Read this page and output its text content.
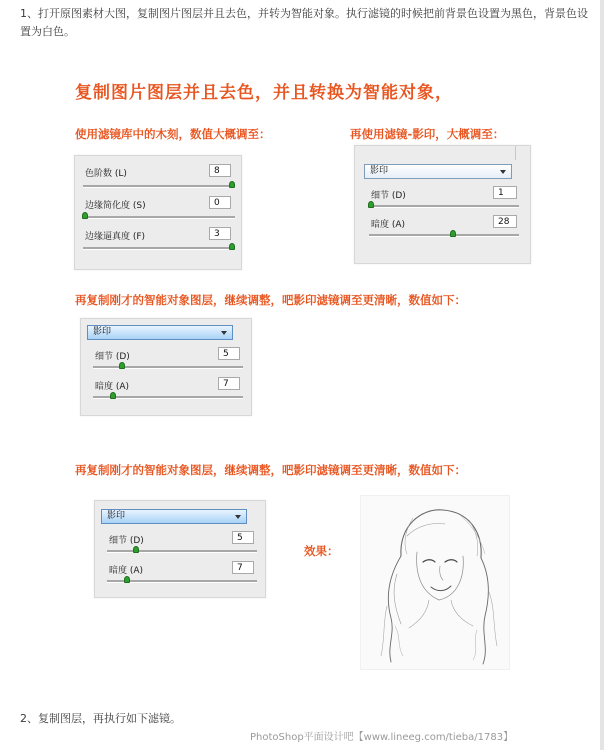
1、打开原图素材大图，复制图片图层并且去色，并转为智能对象。执行滤镜的时候把前背景色设置为黑色，背景色设置为白色。
复制图片图层并且去色，并且转换为智能对象，
使用滤镜库中的木刻，数值大概调至：
色阶数 (L)	8
边缘简化度 (S)	0
边缘逼真度 (F)	3
再使用滤镜-影印，大概调至：
影印
细节 (D)	1
暗度 (A)	28
再复制刚才的智能对象图层，继续调整，吧影印滤镜调至更清晰，数值如下：
影印
细节 (D)	5
暗度 (A)	7
再复制刚才的智能对象图层，继续调整，吧影印滤镜调至更清晰，数值如下：
影印
细节 (D)	5
暗度 (A)	7
效果：
2、复制图层，再执行如下滤镜。
PhotoShop平面设计吧【www.lineeg.com/tieba/1783】
